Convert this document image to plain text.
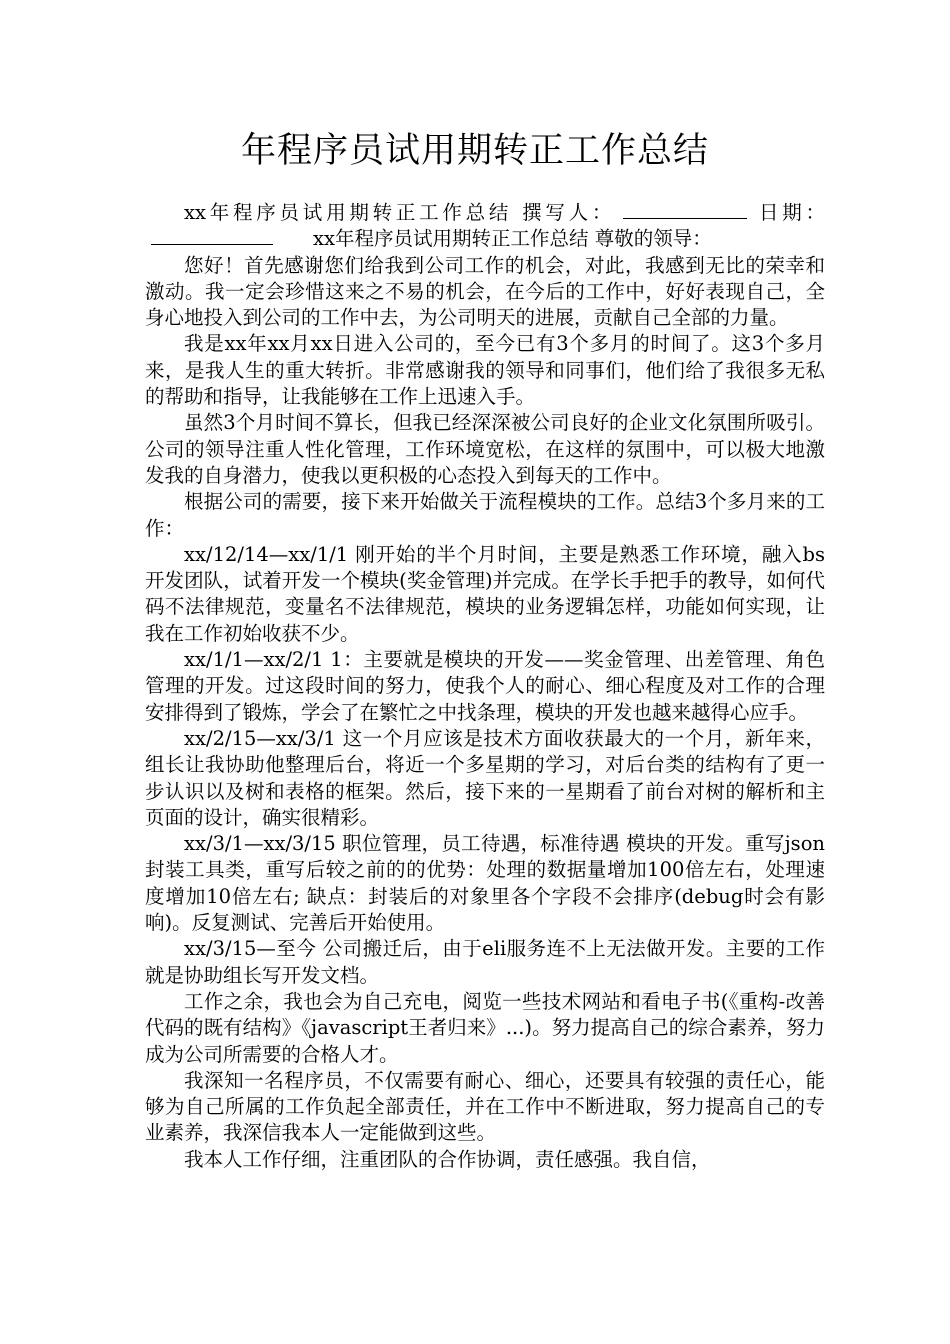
年程序员试用期转正工作总结

xx年程序员试用期转正工作总结 撰写人：	日期：xx年程序员试用期转正工作总结 尊敬的领导：

您好！首先感谢您们给我到公司工作的机会，对此，我感到无比的荣幸和激动。我一定会珍惜这来之不易的机会，在今后的工作中，好好表现自己，全身心地投入到公司的工作中去，为公司明天的进展，贡献自己全部的力量。

我是xx年xx月xx日进入公司的，至今已有3个多月的时间了。这3个多月来，是我人生的重大转折。非常感谢我的领导和同事们，他们给了我很多无私的帮助和指导，让我能够在工作上迅速入手。

虽然3个月时间不算长，但我已经深深被公司良好的企业文化氛围所吸引。公司的领导注重人性化管理，工作环境宽松，在这样的氛围中，可以极大地激发我的自身潜力，使我以更积极的心态投入到每天的工作中。

根据公司的需要，接下来开始做关于流程模块的工作。总结3个多月来的工作：

xx/12/14—xx/1/1 刚开始的半个月时间，主要是熟悉工作环境，融入bs开发团队，试着开发一个模块(奖金管理)并完成。在学长手把手的教导，如何代码不法律规范，变量名不法律规范，模块的业务逻辑怎样，功能如何实现，让我在工作初始收获不少。

xx/1/1—xx/2/1 1：主要就是模块的开发——奖金管理、出差管理、角色管理的开发。过这段时间的努力，使我个人的耐心、细心程度及对工作的合理安排得到了锻炼，学会了在繁忙之中找条理，模块的开发也越来越得心应手。

xx/2/15—xx/3/1 这一个月应该是技术方面收获最大的一个月，新年来，组长让我协助他整理后台，将近一个多星期的学习，对后台类的结构有了更一步认识以及树和表格的框架。然后，接下来的一星期看了前台对树的解析和主页面的设计，确实很精彩。

xx/3/1—xx/3/15 职位管理，员工待遇，标准待遇 模块的开发。重写json封装工具类，重写后较之前的的优势：处理的数据量增加100倍左右，处理速度增加10倍左右; 缺点：封装后的对象里各个字段不会排序(debug时会有影响)。反复测试、完善后开始使用。

xx/3/15—至今 公司搬迁后，由于eli服务连不上无法做开发。主要的工作就是协助组长写开发文档。

工作之余，我也会为自己充电，阅览一些技术网站和看电子书(《重构-改善代码的既有结构》《javascript王者归来》...)。努力提高自己的综合素养，努力成为公司所需要的合格人才。

我深知一名程序员，不仅需要有耐心、细心，还要具有较强的责任心，能够为自己所属的工作负起全部责任，并在工作中不断进取，努力提高自己的专业素养，我深信我本人一定能做到这些。

我本人工作仔细，注重团队的合作协调，责任感强。我自信，
